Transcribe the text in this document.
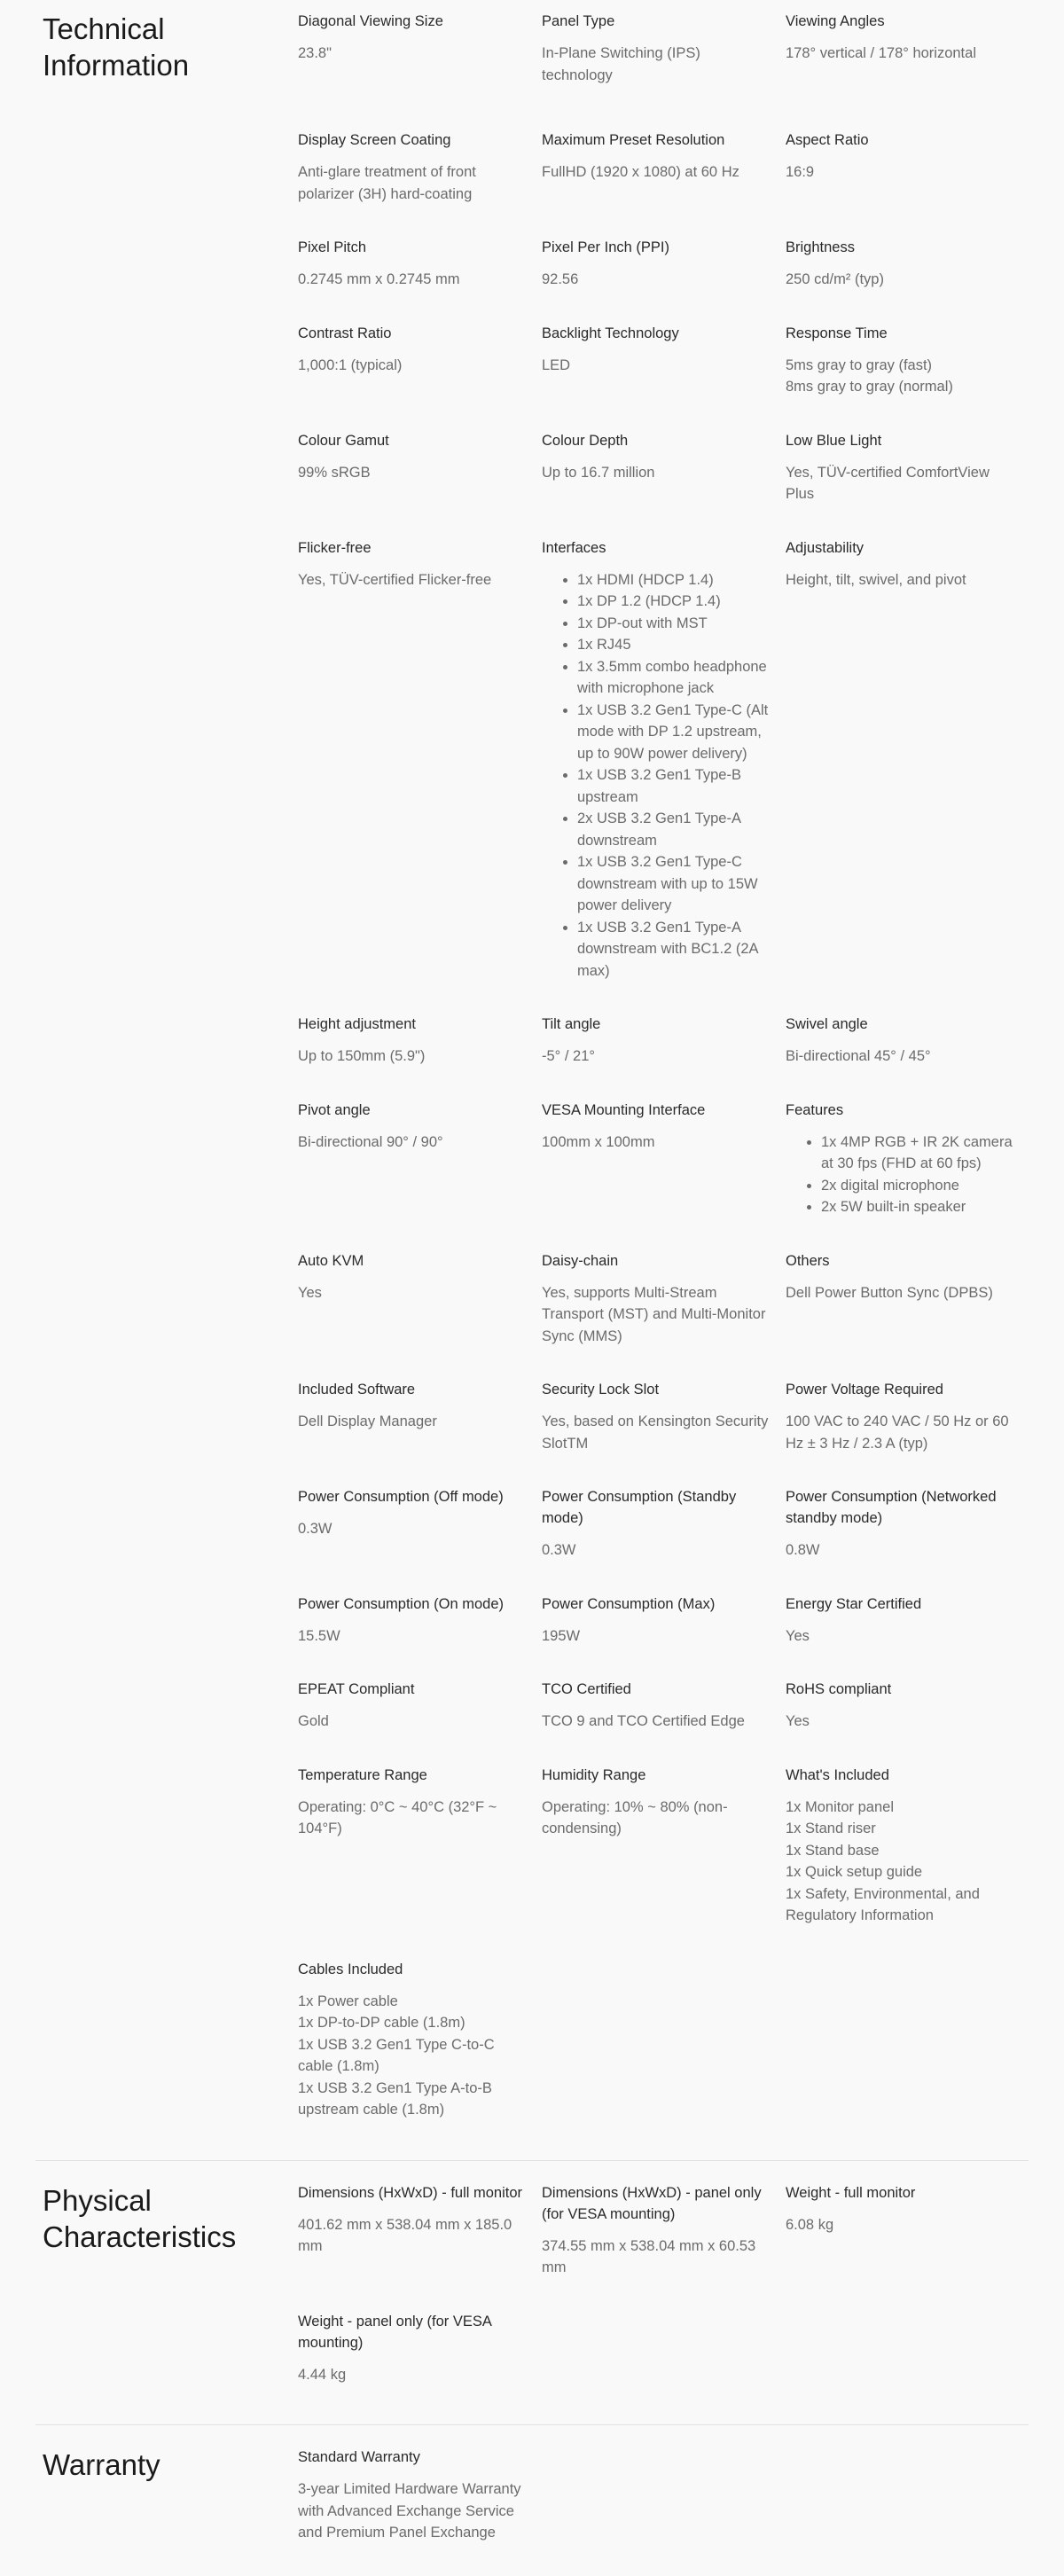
Technical Information
Diagonal Viewing Size
23.8"
Panel Type
In-Plane Switching (IPS) technology
Viewing Angles
178° vertical / 178° horizontal
Display Screen Coating
Anti-glare treatment of front polarizer (3H) hard-coating
Maximum Preset Resolution
FullHD (1920 x 1080) at 60 Hz
Aspect Ratio
16:9
Pixel Pitch
0.2745 mm x 0.2745 mm
Pixel Per Inch (PPI)
92.56
Brightness
250 cd/m² (typ)
Contrast Ratio
1,000:1 (typical)
Backlight Technology
LED
Response Time
5ms gray to gray (fast)
8ms gray to gray (normal)
Colour Gamut
99% sRGB
Colour Depth
Up to 16.7 million
Low Blue Light
Yes, TÜV-certified ComfortView Plus
Flicker-free
Yes, TÜV-certified Flicker-free
Interfaces
• 1x HDMI (HDCP 1.4)
• 1x DP 1.2 (HDCP 1.4)
• 1x DP-out with MST
• 1x RJ45
• 1x 3.5mm combo headphone with microphone jack
• 1x USB 3.2 Gen1 Type-C (Alt mode with DP 1.2 upstream, up to 90W power delivery)
• 1x USB 3.2 Gen1 Type-B upstream
• 2x USB 3.2 Gen1 Type-A downstream
• 1x USB 3.2 Gen1 Type-C downstream with up to 15W power delivery
• 1x USB 3.2 Gen1 Type-A downstream with BC1.2 (2A max)
Adjustability
Height, tilt, swivel, and pivot
Height adjustment
Up to 150mm (5.9")
Tilt angle
-5° / 21°
Swivel angle
Bi-directional 45° / 45°
Pivot angle
Bi-directional 90° / 90°
VESA Mounting Interface
100mm x 100mm
Features
• 1x 4MP RGB + IR 2K camera at 30 fps (FHD at 60 fps)
• 2x digital microphone
• 2x 5W built-in speaker
Auto KVM
Yes
Daisy-chain
Yes, supports Multi-Stream Transport (MST) and Multi-Monitor Sync (MMS)
Others
Dell Power Button Sync (DPBS)
Included Software
Dell Display Manager
Security Lock Slot
Yes, based on Kensington Security SlotTM
Power Voltage Required
100 VAC to 240 VAC / 50 Hz or 60 Hz ± 3 Hz / 2.3 A (typ)
Power Consumption (Off mode)
0.3W
Power Consumption (Standby mode)
0.3W
Power Consumption (Networked standby mode)
0.8W
Power Consumption (On mode)
15.5W
Power Consumption (Max)
195W
Energy Star Certified
Yes
EPEAT Compliant
Gold
TCO Certified
TCO 9 and TCO Certified Edge
RoHS compliant
Yes
Temperature Range
Operating: 0°C ~ 40°C (32°F ~ 104°F)
Humidity Range
Operating: 10% ~ 80% (non-condensing)
What's Included
1x Monitor panel
1x Stand riser
1x Stand base
1x Quick setup guide
1x Safety, Environmental, and Regulatory Information
Cables Included
1x Power cable
1x DP-to-DP cable (1.8m)
1x USB 3.2 Gen1 Type C-to-C cable (1.8m)
1x USB 3.2 Gen1 Type A-to-B upstream cable (1.8m)
Physical Characteristics
Dimensions (HxWxD) - full monitor
401.62 mm x 538.04 mm x 185.0 mm
Dimensions (HxWxD) - panel only (for VESA mounting)
374.55 mm x 538.04 mm x 60.53 mm
Weight - full monitor
6.08 kg
Weight - panel only (for VESA mounting)
4.44 kg
Warranty	Standard Warranty
3-year Limited Hardware Warranty with Advanced Exchange Service and Premium Panel Exchange
